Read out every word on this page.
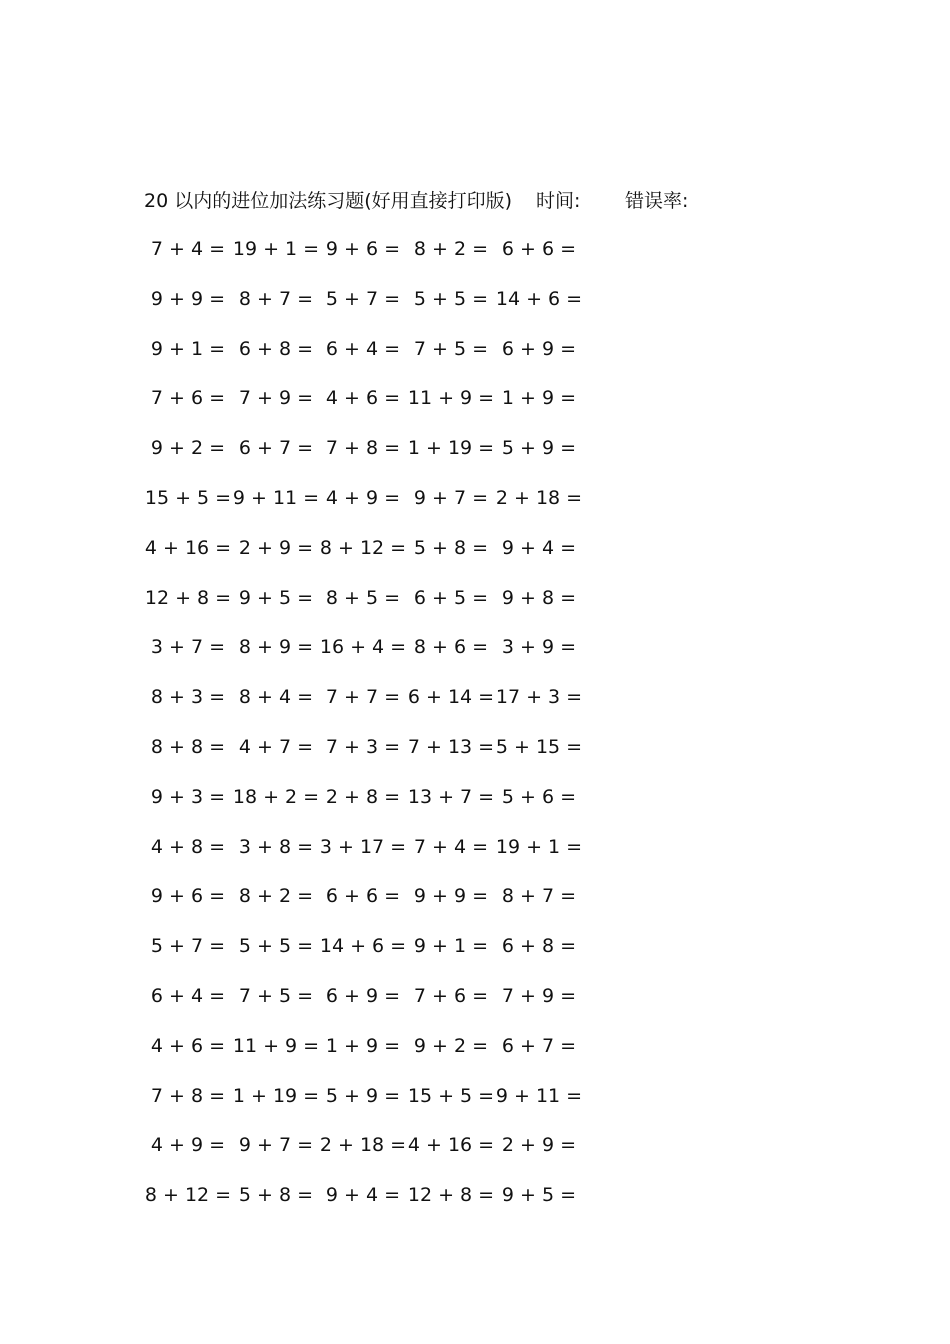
20 以内的进位加法练习题(好用直接打印版) 时间: 错误率:
7 + 4 = 19 + 1 = 9 + 6 = 8 + 2 = 6 + 6 =
9 + 9 = 8 + 7 = 5 + 7 = 5 + 5 = 14 + 6 =
9 + 1 = 6 + 8 = 6 + 4 = 7 + 5 = 6 + 9 =
7 + 6 = 7 + 9 = 4 + 6 = 11 + 9 = 1 + 9 =
9 + 2 = 6 + 7 = 7 + 8 = 1 + 19 = 5 + 9 =
15 + 5 = 9 + 11 = 4 + 9 = 9 + 7 = 2 + 18 =
4 + 16 = 2 + 9 = 8 + 12 = 5 + 8 = 9 + 4 =
12 + 8 = 9 + 5 = 8 + 5 = 6 + 5 = 9 + 8 =
3 + 7 = 8 + 9 = 16 + 4 = 8 + 6 = 3 + 9 =
8 + 3 = 8 + 4 = 7 + 7 = 6 + 14 = 17 + 3 =
8 + 8 = 4 + 7 = 7 + 3 = 7 + 13 = 5 + 15 =
9 + 3 = 18 + 2 = 2 + 8 = 13 + 7 = 5 + 6 =
4 + 8 = 3 + 8 = 3 + 17 = 7 + 4 = 19 + 1 =
9 + 6 = 8 + 2 = 6 + 6 = 9 + 9 = 8 + 7 =
5 + 7 = 5 + 5 = 14 + 6 = 9 + 1 = 6 + 8 =
6 + 4 = 7 + 5 = 6 + 9 = 7 + 6 = 7 + 9 =
4 + 6 = 11 + 9 = 1 + 9 = 9 + 2 = 6 + 7 =
7 + 8 = 1 + 19 = 5 + 9 = 15 + 5 = 9 + 11 =
4 + 9 = 9 + 7 = 2 + 18 = 4 + 16 = 2 + 9 =
8 + 12 = 5 + 8 = 9 + 4 = 12 + 8 = 9 + 5 =
